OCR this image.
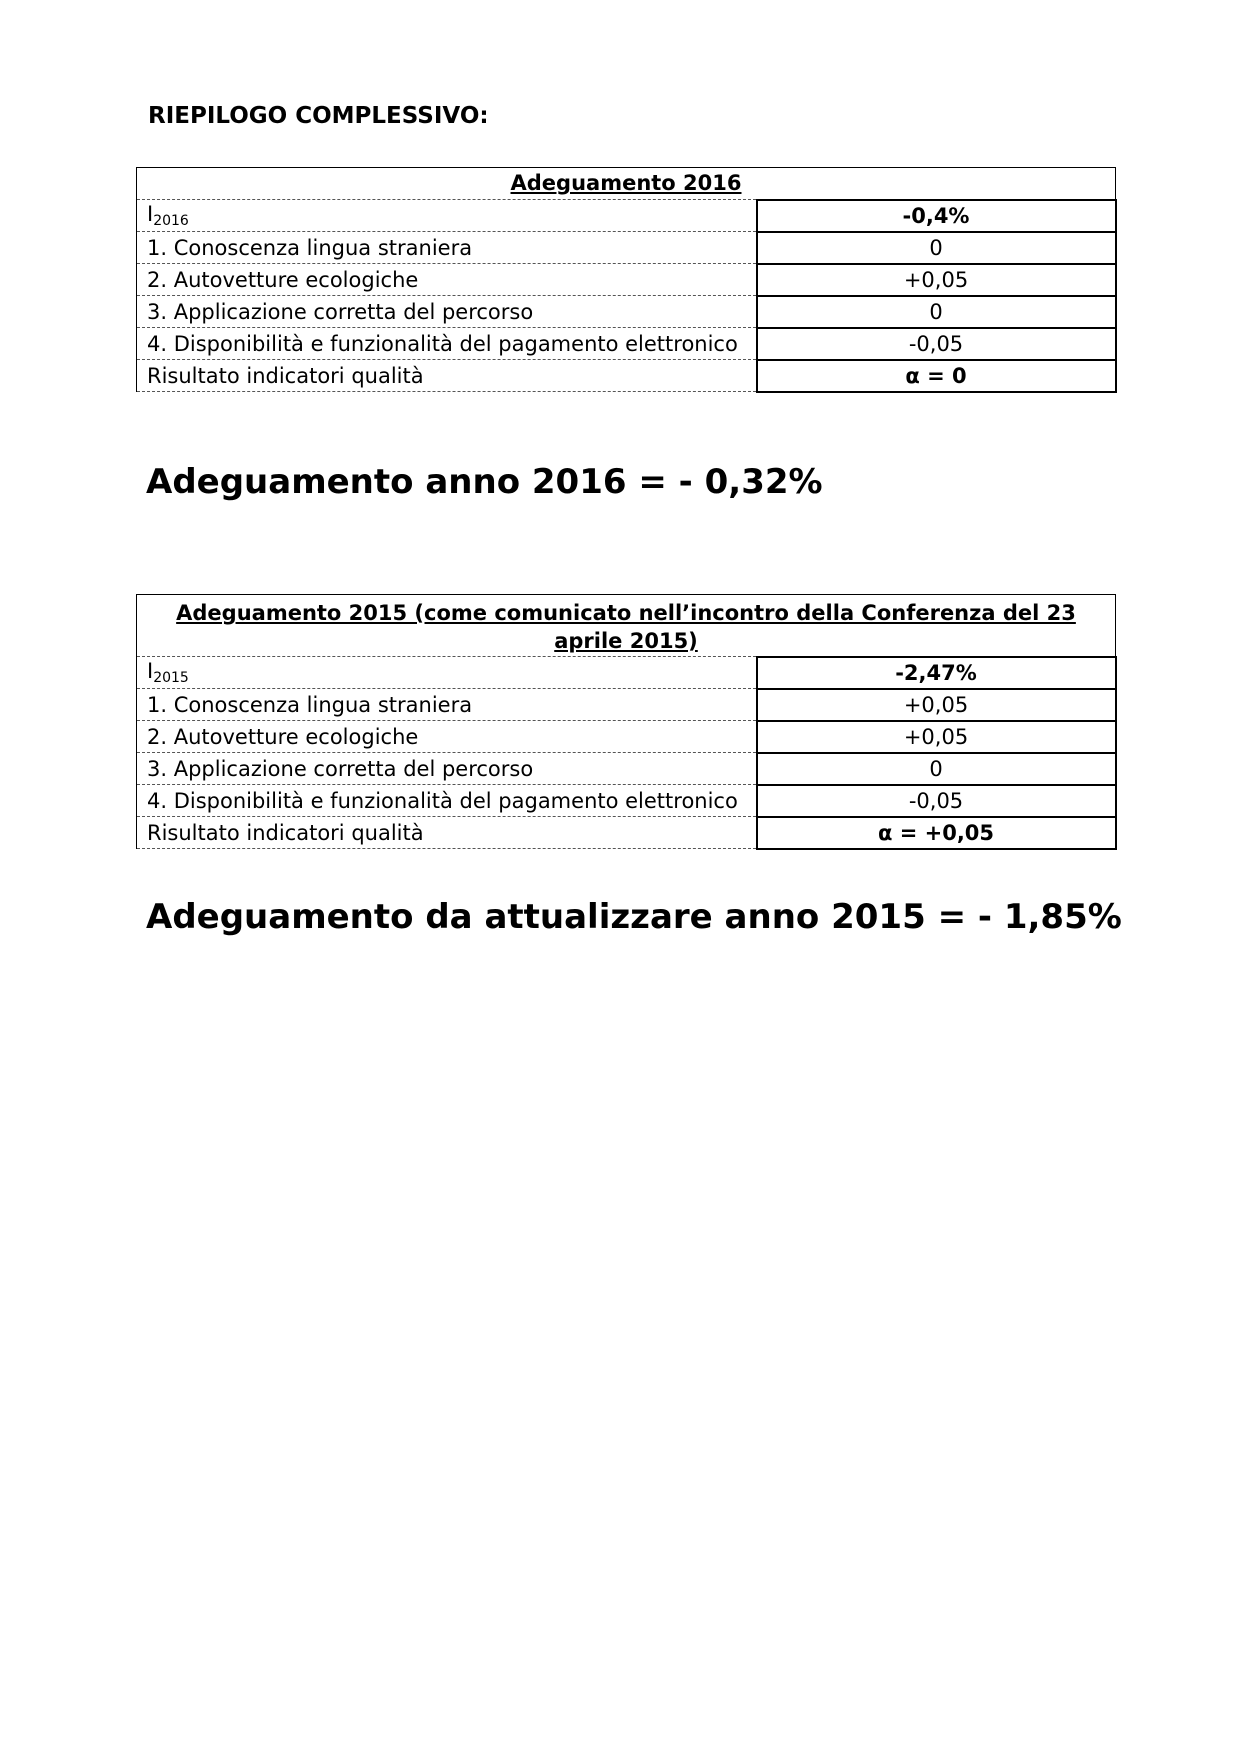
RIEPILOGO COMPLESSIVO:
Adeguamento 2016	
$I_{2016}$	-0,4%
1. Conoscenza lingua straniera	0
2. Autovetture ecologiche	+0,05
3. Applicazione corretta del percorso	0
4. Disponibilità e funzionalità del pagamento elettronico	-0,05
Risultato indicatori qualità	α = 0
Adeguamento anno 2016 = - 0,32%
Adeguamento 2015 (come comunicato nell’incontro della Conferenza del 23 aprile 2015)	
$I_{2015}$	-2,47%
1. Conoscenza lingua straniera	+0,05
2. Autovetture ecologiche	+0,05
3. Applicazione corretta del percorso	0
4. Disponibilità e funzionalità del pagamento elettronico	-0,05
Risultato indicatori qualità	α = +0,05
Adeguamento da attualizzare anno 2015 = - 1,85%
